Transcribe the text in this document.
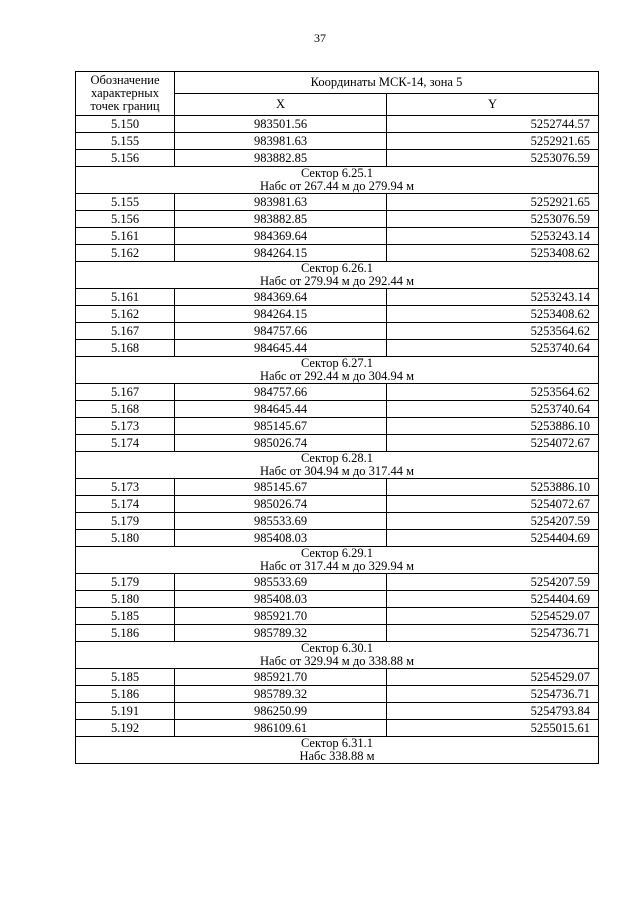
37
Обозначение характерных точек границ	Координаты МСК-14, зона 5	
	X	Y
5.150	983501.56	5252744.57
5.155	983981.63	5252921.65
5.156	983882.85	5253076.59

Сектор 6.25.1
Набс от 267.44 м до 279.94 м		

5.155	983981.63	5252921.65
5.156	983882.85	5253076.59
5.161	984369.64	5253243.14
5.162	984264.15	5253408.62

Сектор 6.26.1
Набс от 279.94 м до 292.44 м		

5.161	984369.64	5253243.14
5.162	984264.15	5253408.62
5.167	984757.66	5253564.62
5.168	984645.44	5253740.64

Сектор 6.27.1
Набс от 292.44 м до 304.94 м		

5.167	984757.66	5253564.62
5.168	984645.44	5253740.64
5.173	985145.67	5253886.10
5.174	985026.74	5254072.67

Сектор 6.28.1
Набс от 304.94 м до 317.44 м		

5.173	985145.67	5253886.10
5.174	985026.74	5254072.67
5.179	985533.69	5254207.59
5.180	985408.03	5254404.69

Сектор 6.29.1
Набс от 317.44 м до 329.94 м		

5.179	985533.69	5254207.59
5.180	985408.03	5254404.69
5.185	985921.70	5254529.07
5.186	985789.32	5254736.71

Сектор 6.30.1
Набс от 329.94 м до 338.88 м		

5.185	985921.70	5254529.07
5.186	985789.32	5254736.71
5.191	986250.99	5254793.84
5.192	986109.61	5255015.61

Сектор 6.31.1
Набс 338.88 м		
